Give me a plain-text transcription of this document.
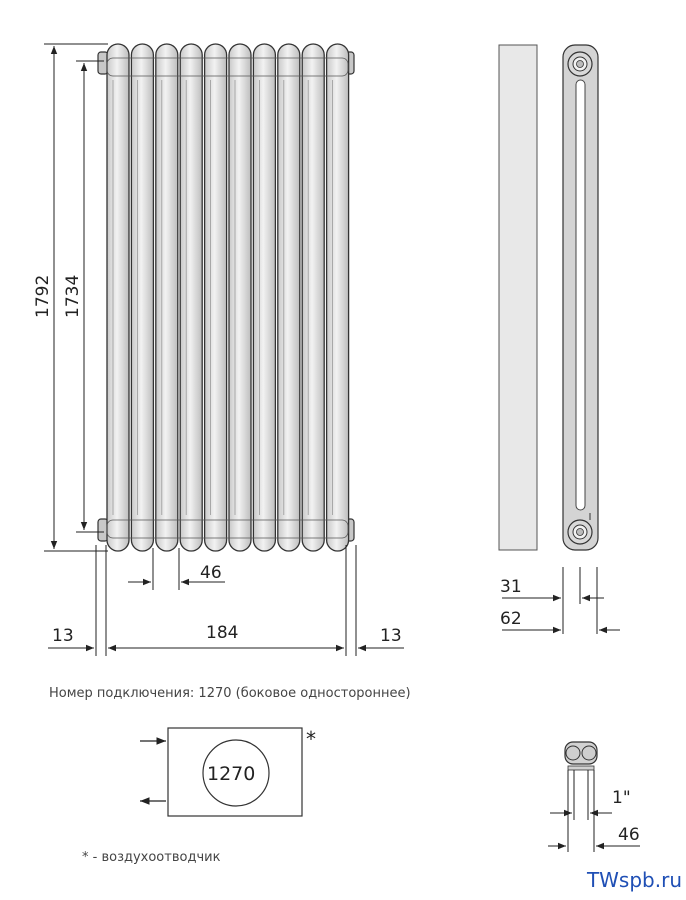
1792 1734
46
184
13	13
31
62
1270
*
1"
46
Номер подключения: 1270 (боковое одностороннее)
* - воздухоотводчик
TWspb.ru
